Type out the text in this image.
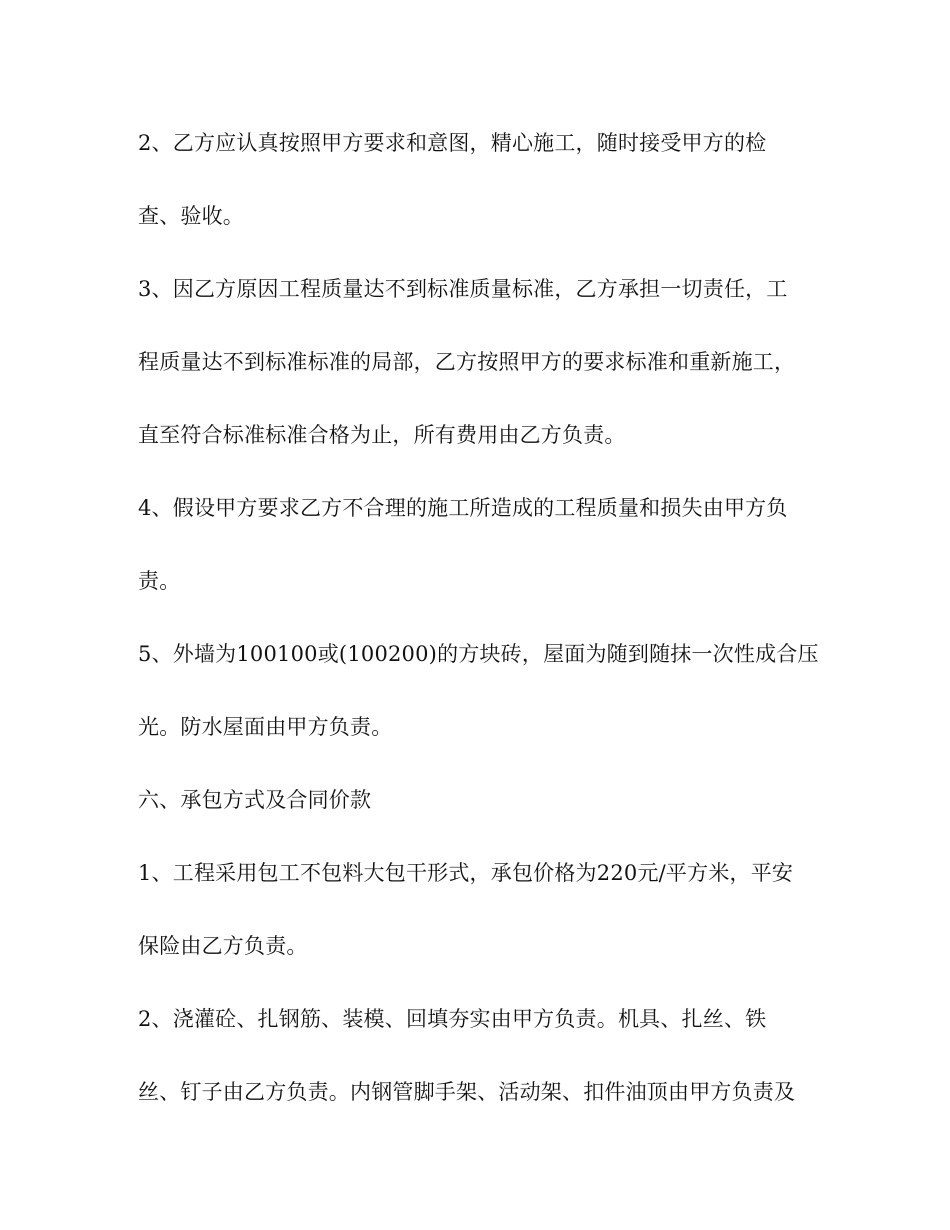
2、乙方应认真按照甲方要求和意图，精心施工，随时接受甲方的检
查、验收。
3、因乙方原因工程质量达不到标准质量标准，乙方承担一切责任，工
程质量达不到标准标准的局部，乙方按照甲方的要求标准和重新施工，
直至符合标准标准合格为止，所有费用由乙方负责。
4、假设甲方要求乙方不合理的施工所造成的工程质量和损失由甲方负
责。
5、外墙为100100或(100200)的方块砖，屋面为随到随抹一次性成合压
光。防水屋面由甲方负责。
六、承包方式及合同价款
1、工程采用包工不包料大包干形式，承包价格为220元/平方米，平安
保险由乙方负责。
2、浇灌砼、扎钢筋、装模、回填夯实由甲方负责。机具、扎丝、铁
丝、钉子由乙方负责。内钢管脚手架、活动架、扣件油顶由甲方负责及
